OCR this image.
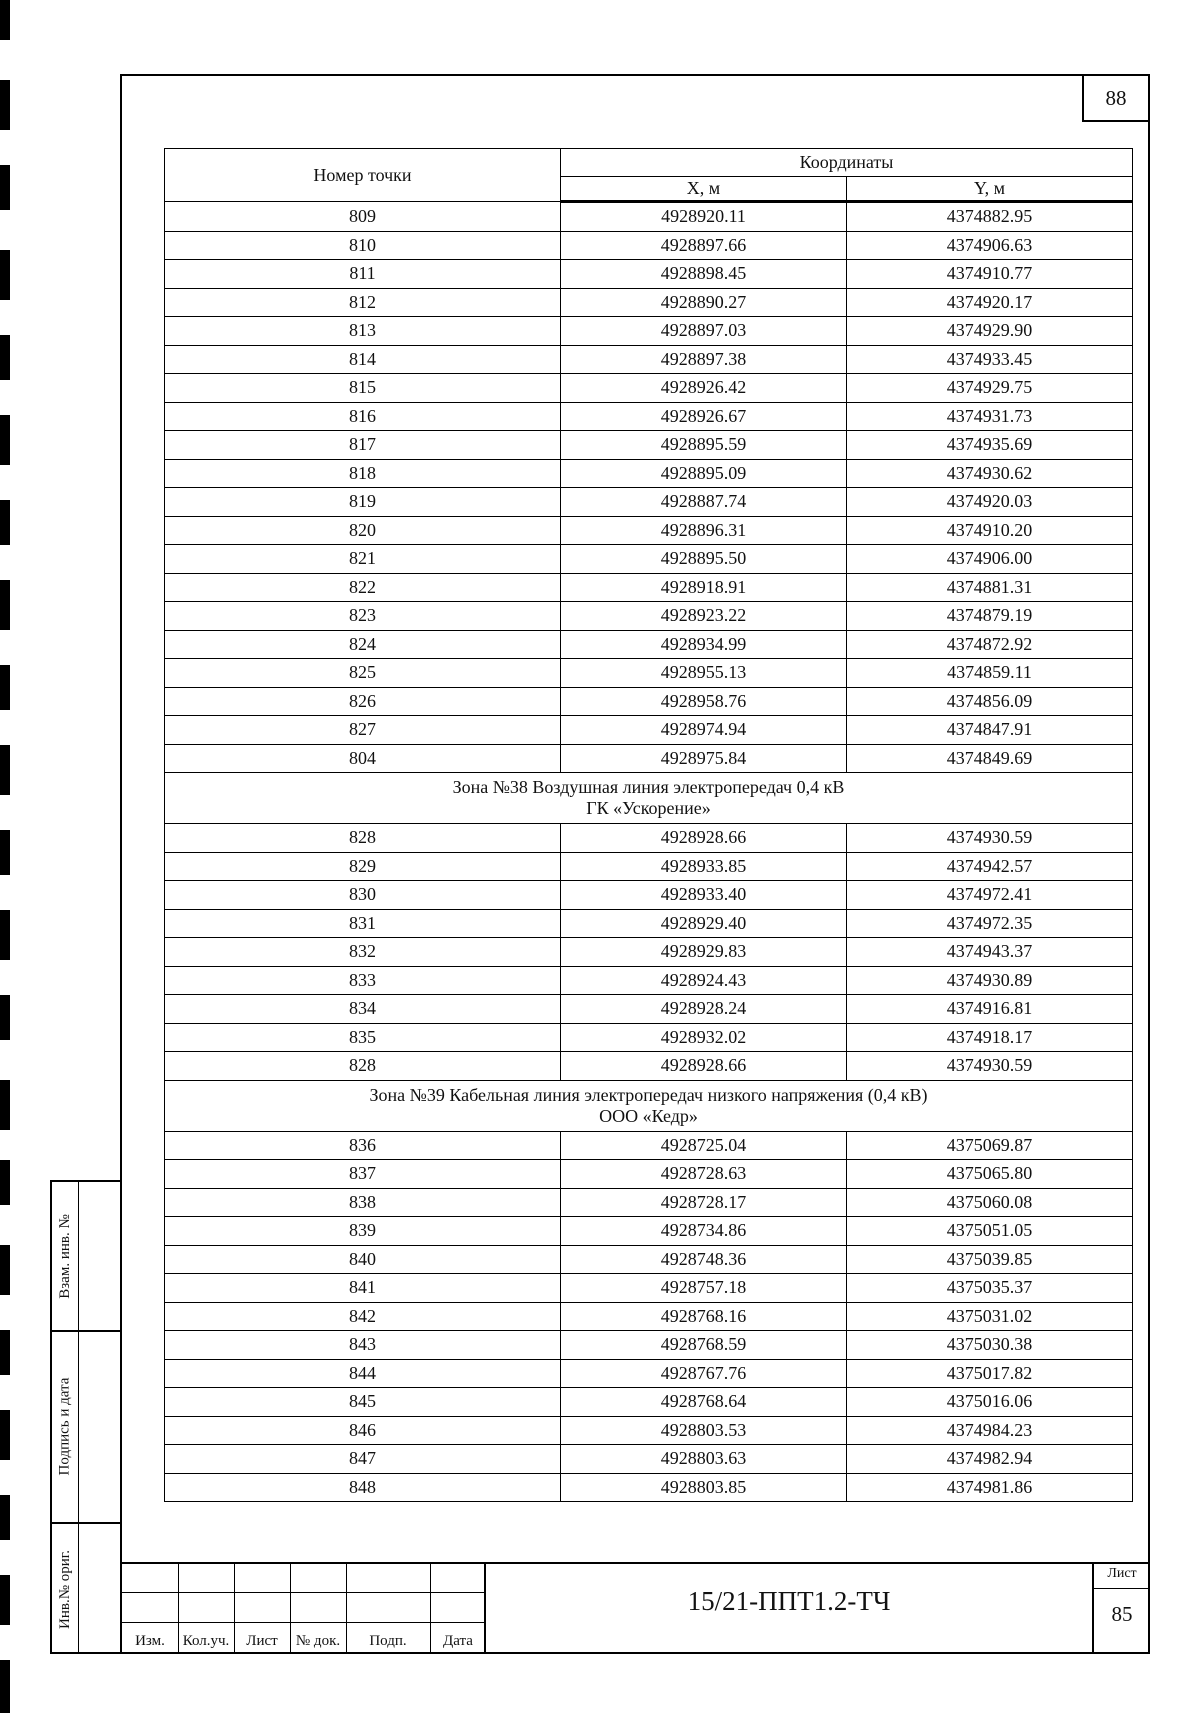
Взам. инв. №
Подпись и дата
Инв.№ ориг.
88
Номер точки	Координаты	
	X, м	Y, м
809	4928920.11	4374882.95
810	4928897.66	4374906.63
811	4928898.45	4374910.77
812	4928890.27	4374920.17
813	4928897.03	4374929.90
814	4928897.38	4374933.45
815	4928926.42	4374929.75
816	4928926.67	4374931.73
817	4928895.59	4374935.69
818	4928895.09	4374930.62
819	4928887.74	4374920.03
820	4928896.31	4374910.20
821	4928895.50	4374906.00
822	4928918.91	4374881.31
823	4928923.22	4374879.19
824	4928934.99	4374872.92
825	4928955.13	4374859.11
826	4928958.76	4374856.09
827	4928974.94	4374847.91
804	4928975.84	4374849.69

Зона №38 Воздушная линия электропередач 0,4 кВ
ГК «Ускорение»		

828	4928928.66	4374930.59
829	4928933.85	4374942.57
830	4928933.40	4374972.41
831	4928929.40	4374972.35
832	4928929.83	4374943.37
833	4928924.43	4374930.89
834	4928928.24	4374916.81
835	4928932.02	4374918.17
828	4928928.66	4374930.59

Зона №39 Кабельная линия электропередач низкого напряжения (0,4 кВ)
ООО «Кедр»		

836	4928725.04	4375069.87
837	4928728.63	4375065.80
838	4928728.17	4375060.08
839	4928734.86	4375051.05
840	4928748.36	4375039.85
841	4928757.18	4375035.37
842	4928768.16	4375031.02
843	4928768.59	4375030.38
844	4928767.76	4375017.82
845	4928768.64	4375016.06
846	4928803.53	4374984.23
847	4928803.63	4374982.94
848	4928803.85	4374981.86
Изм.	Кол.уч.	Лист	№ док.	Подп.	Дата
15/21-ППТ1.2-ТЧ
Лист
85
